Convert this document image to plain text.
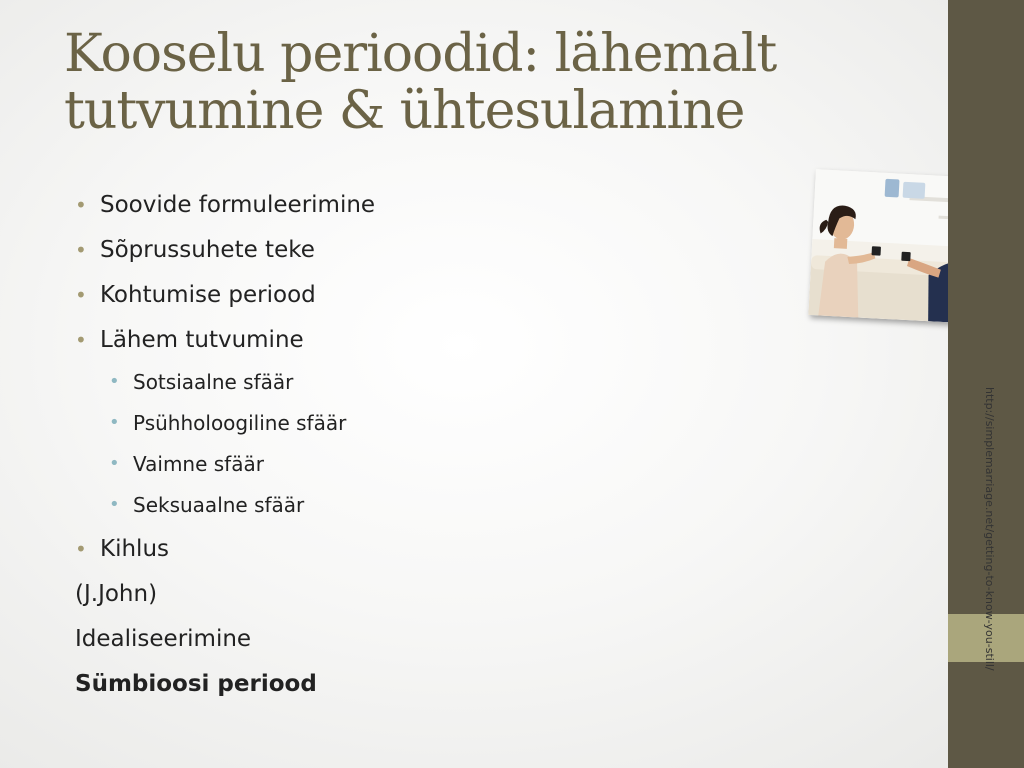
Kooselu perioodid: lähemalt
tutvumine & ühtesulamine
• Soovide formuleerimine
• Sõprussuhete teke
• Kohtumise periood
• Lähem tutvumine
• Sotsiaalne sfäär
• Psühholoogiline sfäär
• Vaimne sfäär
• Seksuaalne sfäär
• Kihlus
(J.John)
Idealiseerimine
Sümbioosi periood
http://simplemarriage.net/getting-to-know-you-still/
